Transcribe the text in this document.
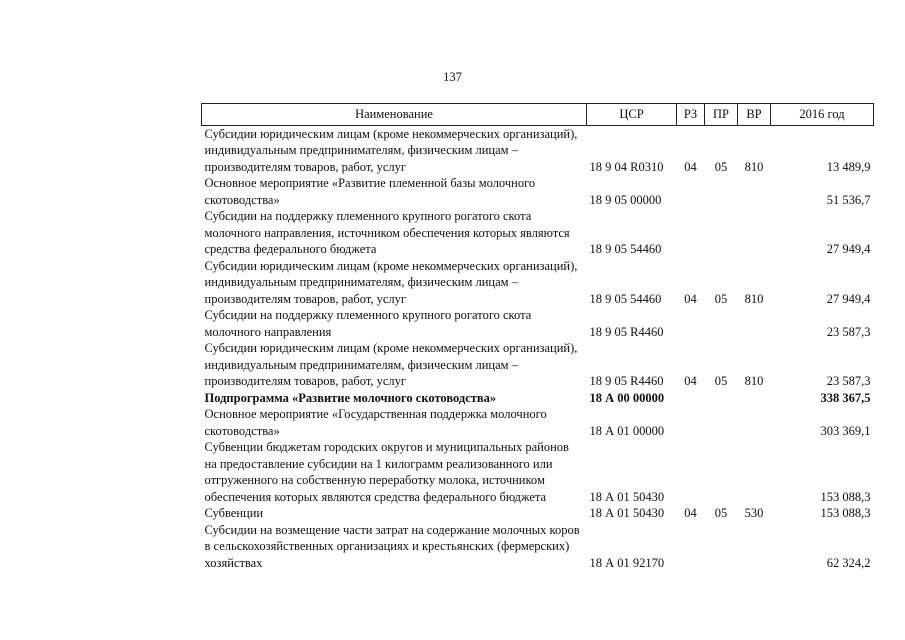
137
Наименование	ЦСР	РЗ	ПР	ВР	2016 год
Субсидии юридическим лицам (кроме некоммерческих организаций), индивидуальным предпринимателям, физическим лицам – производителям товаров, работ, услуг	18 9 04 R0310	04	05	810	13 489,9
Основное мероприятие «Развитие племенной базы молочного скотоводства»	18 9 05 00000				51 536,7
Субсидии на поддержку племенного крупного рогатого скота молочного направления, источником обеспечения которых являются средства федерального бюджета	18 9 05 54460				27 949,4
Субсидии юридическим лицам (кроме некоммерческих организаций), индивидуальным предпринимателям, физическим лицам – производителям товаров, работ, услуг	18 9 05 54460	04	05	810	27 949,4
Субсидии на поддержку племенного крупного рогатого скота молочного направления	18 9 05 R4460				23 587,3
Субсидии юридическим лицам (кроме некоммерческих организаций), индивидуальным предпринимателям, физическим лицам – производителям товаров, работ, услуг	18 9 05 R4460	04	05	810	23 587,3
Подпрограмма «Развитие молочного скотоводства»	18 А 00 00000				338 367,5
Основное мероприятие «Государственная поддержка молочного скотоводства»	18 А 01 00000				303 369,1
Субвенции бюджетам городских округов и муниципальных районов на предоставление субсидии на 1 килограмм реализованного или отгруженного на собственную переработку молока, источником обеспечения которых являются средства федерального бюджета	18 А 01 50430				153 088,3
Субвенции	18 А 01 50430	04	05	530	153 088,3
Субсидии на возмещение части затрат на содержание молочных коров в сельскохозяйственных организациях и крестьянских (фермерских) хозяйствах	18 А 01 92170				62 324,2
